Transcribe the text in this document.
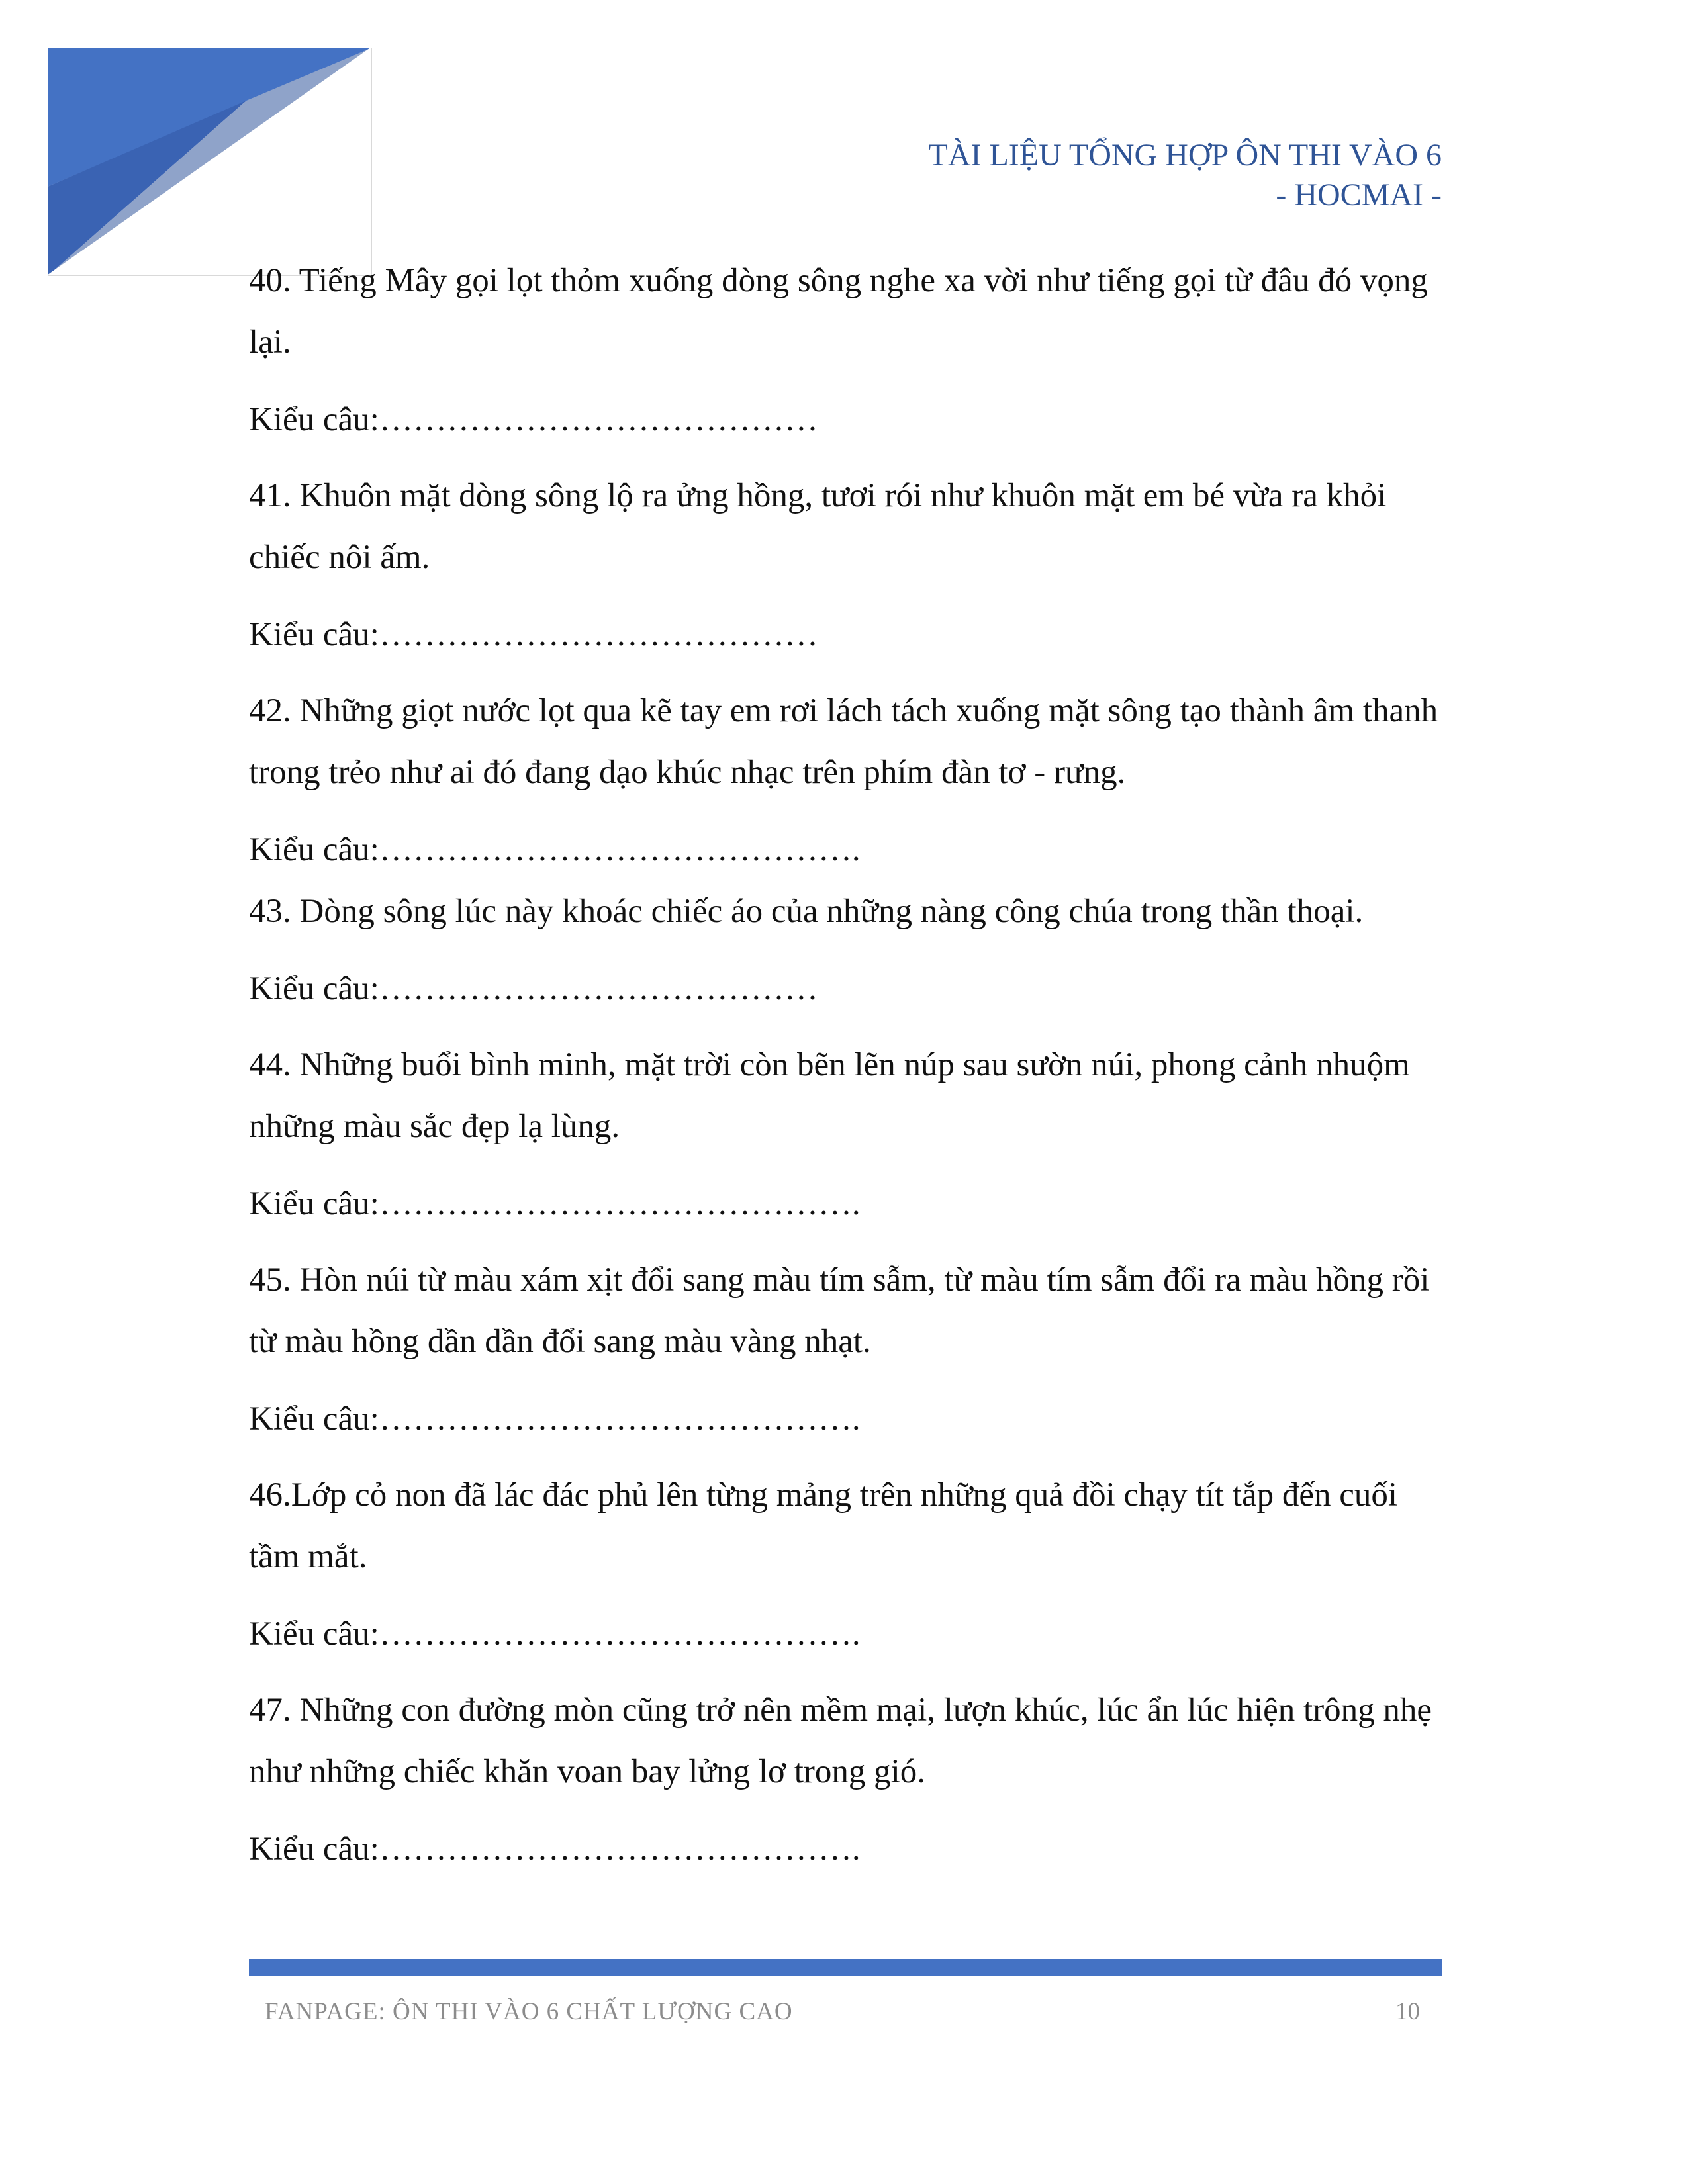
TÀI LIỆU TỔNG HỢP ÔN THI VÀO 6
- HOCMAI -

40. Tiếng Mây gọi lọt thỏm xuống dòng sông nghe xa vời như tiếng gọi từ đâu đó vọng lại.

Kiểu câu:…………………………………

41. Khuôn mặt dòng sông lộ ra ửng hồng, tươi rói như khuôn mặt em bé vừa ra khỏi chiếc nôi ấm.

Kiểu câu:…………………………………

42. Những giọt nước lọt qua kẽ tay em rơi lách tách xuống mặt sông tạo thành âm thanh trong trẻo như ai đó đang dạo khúc nhạc trên phím đàn tơ - rưng.

Kiểu câu:…………………………………….

43. Dòng sông lúc này khoác chiếc áo của những nàng công chúa trong thần thoại.

Kiểu câu:…………………………………

44. Những buổi bình minh, mặt trời còn bẽn lẽn núp sau sườn núi, phong cảnh nhuộm những màu sắc đẹp lạ lùng.

Kiểu câu:…………………………………….

45. Hòn núi từ màu xám xịt đổi sang màu tím sẫm, từ màu tím sẫm đổi ra màu hồng rồi từ màu hồng dần dần đổi sang màu vàng nhạt.

Kiểu câu:…………………………………….

46.Lớp cỏ non đã lác đác phủ lên từng mảng trên những quả đồi chạy tít tắp đến cuối tầm mắt.

Kiểu câu:…………………………………….

47. Những con đường mòn cũng trở nên mềm mại, lượn khúc, lúc ẩn lúc hiện trông nhẹ như những chiếc khăn voan bay lửng lơ trong gió.

Kiểu câu:…………………………………….

FANPAGE: ÔN THI VÀO 6 CHẤT LƯỢNG CAO	10
